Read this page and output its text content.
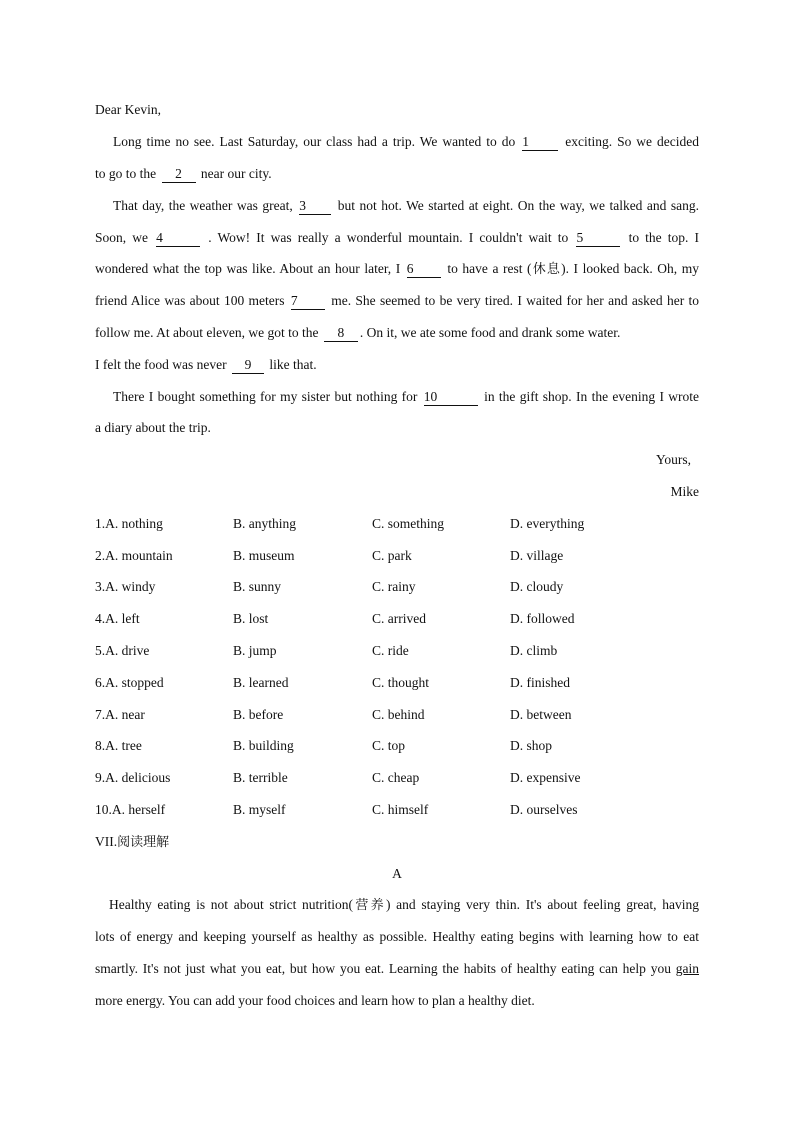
Dear Kevin,
Long time no see. Last Saturday, our class had a trip. We wanted to do 1	exciting. So we decided
to go to the 2 near our city.
That day, the weather was great, 3 but not hot. We started at eight. On the way, we talked and sang.
Soon, we 4	. Wow! It was really a wonderful mountain. I couldn't wait to 5	to the top. I
wondered what the top was like. About an hour later, I 6	to have a rest (休息). I looked back. Oh, my
friend Alice was about 100 meters 7 me. She seemed to be very tired. I waited for her and asked her to
follow me. At about eleven, we got to the 8 . On it, we ate some food and drank some water.
I felt the food was never 9 like that.
There I bought something for my sister but nothing for 10	in the gift shop. In the evening I wrote
a diary about the trip.
Yours,
Mike
1.A. nothing	B. anything	C. something	D. everything
2.A. mountain	B. museum	C. park	D. village
3.A. windy	B. sunny	C. rainy	D. cloudy
4.A. left	B. lost	C. arrived	D. followed
5.A. drive	B. jump	C. ride	D. climb
6.A. stopped	B. learned	C. thought	D. finished
7.A. near	B. before	C. behind	D. between
8.A. tree	B. building	C. top	D. shop
9.A. delicious	B. terrible	C. cheap	D. expensive
10.A. herself	B. myself	C. himself	D. ourselves
VII.阅读理解
A
Healthy eating is not about strict nutrition(营养) and staying very thin. It's about feeling great, having
lots of energy and keeping yourself as healthy as possible. Healthy eating begins with learning how to eat
smartly. It's not just what you eat, but how you eat. Learning the habits of healthy eating can help you gain
more energy. You can add your food choices and learn how to plan a healthy diet.
